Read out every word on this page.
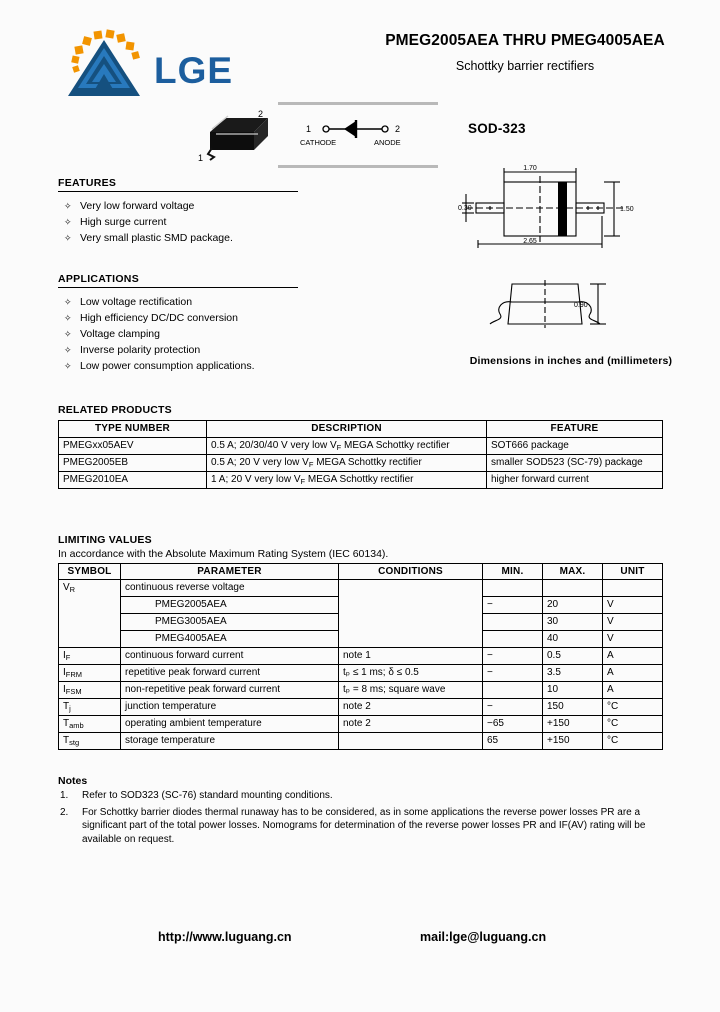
LGE
PMEG2005AEA THRU PMEG4005AEA
Schottky barrier rectifiers
2
1
1	2
CATHODE	ANODE
SOD-323
1.70
0.30	1.50
2.65
0.90
Dimensions in inches and (millimeters)
FEATURES
✧ Very low forward voltage
✧ High surge current
✧ Very small plastic SMD package.
APPLICATIONS
✧ Low voltage rectification
✧ High efficiency DC/DC conversion
✧ Voltage clamping
✧ Inverse polarity protection
✧ Low power consumption applications.
RELATED PRODUCTS
TYPE NUMBER	DESCRIPTION	FEATURE
PMEGxx05AEV	0.5 A; 20/30/40 V very low $V_F$ MEGA Schottky rectifier	SOT666 package
PMEG2005EB	0.5 A; 20 V very low $V_F$ MEGA Schottky rectifier	smaller SOD523 (SC-79) package
PMEG2010EA	1 A; 20 V very low $V_F$ MEGA Schottky rectifier	higher forward current
LIMITING VALUES
In accordance with the Absolute Maximum Rating System (IEC 60134).
SYMBOL	PARAMETER	CONDITIONS	MIN.	MAX.	UNIT
$V_R$	continuous reverse voltage				
	PMEG2005AEA		−	20	V
	PMEG3005AEA			30	V
	PMEG4005AEA			40	V
$I_F$	continuous forward current	note 1	−	0.5	A
$I_{FRM}$	repetitive peak forward current	tₚ ≤ 1 ms; δ ≤ 0.5	−	3.5	A
$I_{FSM}$	non-repetitive peak forward current	tₚ = 8 ms; square wave		10	A
$T_j$	junction temperature	note 2	−	150	°C
$T_{amb}$	operating ambient temperature	note 2	−65	+150	°C
$T_{stg}$	storage temperature		65	+150	°C
Notes
1. Refer to SOD323 (SC-76) standard mounting conditions.
2. For Schottky barrier diodes thermal runaway has to be considered, as in some applications the reverse power losses PR are a significant part of the total power losses. Nomograms for determination of the reverse power losses PR and IF(AV) rating will be available on request.
http://www.luguang.cn	mail:lge@luguang.cn
